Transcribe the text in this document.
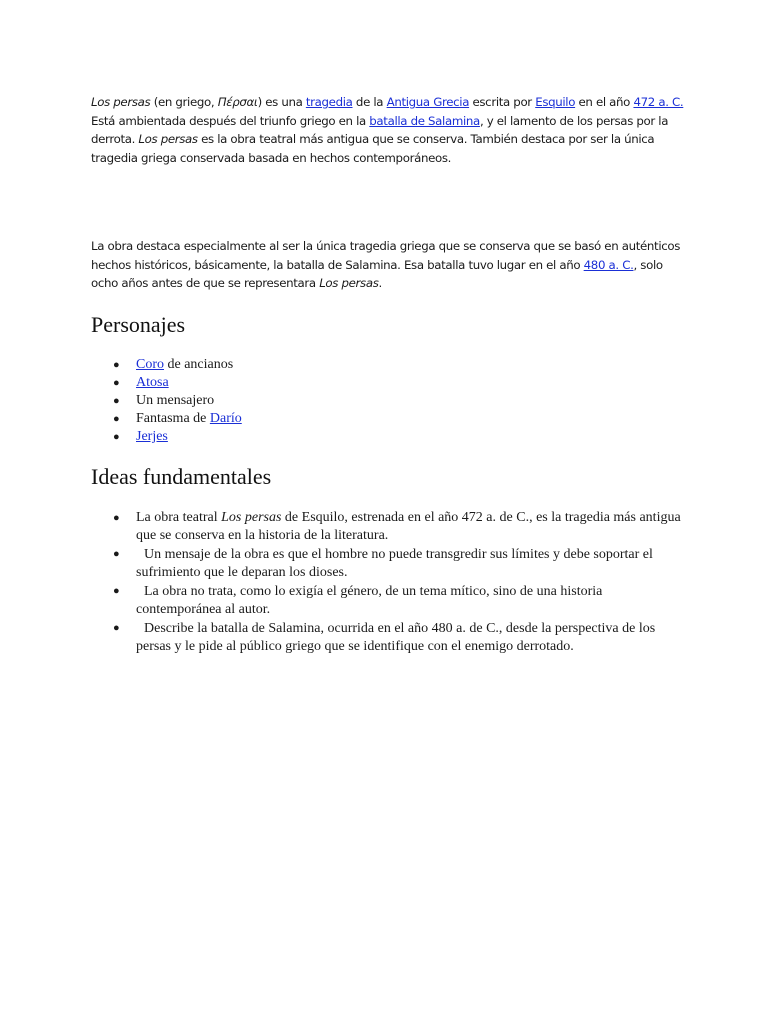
Los persas (en griego, Πέρσαι) es una tragedia de la Antigua Grecia escrita por Esquilo en el año 472 a. C. Está ambientada después del triunfo griego en la batalla de Salamina, y el lamento de los persas por la derrota. Los persas es la obra teatral más antigua que se conserva. También destaca por ser la única tragedia griega conservada basada en hechos contemporáneos.

La obra destaca especialmente al ser la única tragedia griega que se conserva que se basó en auténticos hechos históricos, básicamente, la batalla de Salamina. Esa batalla tuvo lugar en el año 480 a. C., solo ocho años antes de que se representara Los persas.

Personajes
● Coro de ancianos
● Atosa
● Un mensajero
● Fantasma de Darío
● Jerjes
Ideas fundamentales
● La obra teatral Los persas de Esquilo, estrenada en el año 472 a. de C., es la tragedia más antigua que se conserva en la historia de la literatura.
● Un mensaje de la obra es que el hombre no puede transgredir sus límites y debe soportar el sufrimiento que le deparan los dioses.
● La obra no trata, como lo exigía el género, de un tema mítico, sino de una historia contemporánea al autor.
● Describe la batalla de Salamina, ocurrida en el año 480 a. de C., desde la perspectiva de los persas y le pide al público griego que se identifique con el enemigo derrotado.
